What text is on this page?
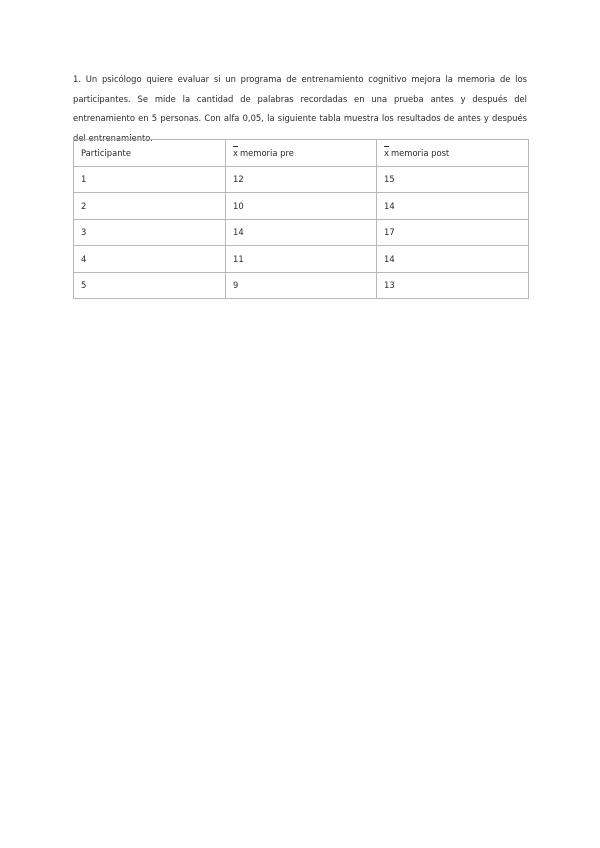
1. Un psicólogo quiere evaluar si un programa de entrenamiento cognitivo mejora la memoria de los participantes. Se mide la cantidad de palabras recordadas en una prueba antes y después del entrenamiento en 5 personas. Con alfa 0,05, la siguiente tabla muestra los resultados de antes y después del entrenamiento.

Participante	x memoria pre	x memoria post
1	12	15
2	10	14
3	14	17
4	11	14
5	9	13
